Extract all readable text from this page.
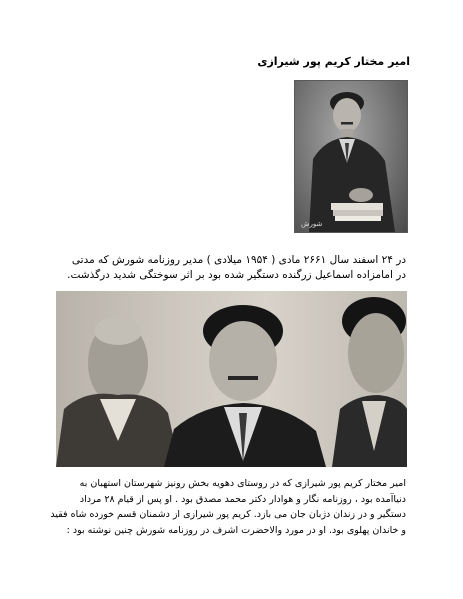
امیر مختار کریم پور شیرازی
شورش
در ۲۴ اسفند سال ۲۶۶۱ مادی ( ۱۹۵۴ میلادی ) مدیر روزنامه شورش که مدتی در امامزاده اسماعیل زرگنده دستگیر شده بود بر اثر سوختگی شدید درگذشت.
امیر مختار کریم پور شیرازی که در روستای دهویه بخش رونیز شهرستان استهبان به
دنیاآمده بود ، روزنامه نگار و هوادار دکتر محمد مصدق بود . او پس از قیام ۲۸ مرداد
دستگیر و در زندان دژبان جان می بازد. کریم پور شیرازی از دشمنان قسم خورده شاه فقید
و خاندان پهلوی بود. او در مورد والاحضرت اشرف در روزنامه شورش چنین نوشته بود :
